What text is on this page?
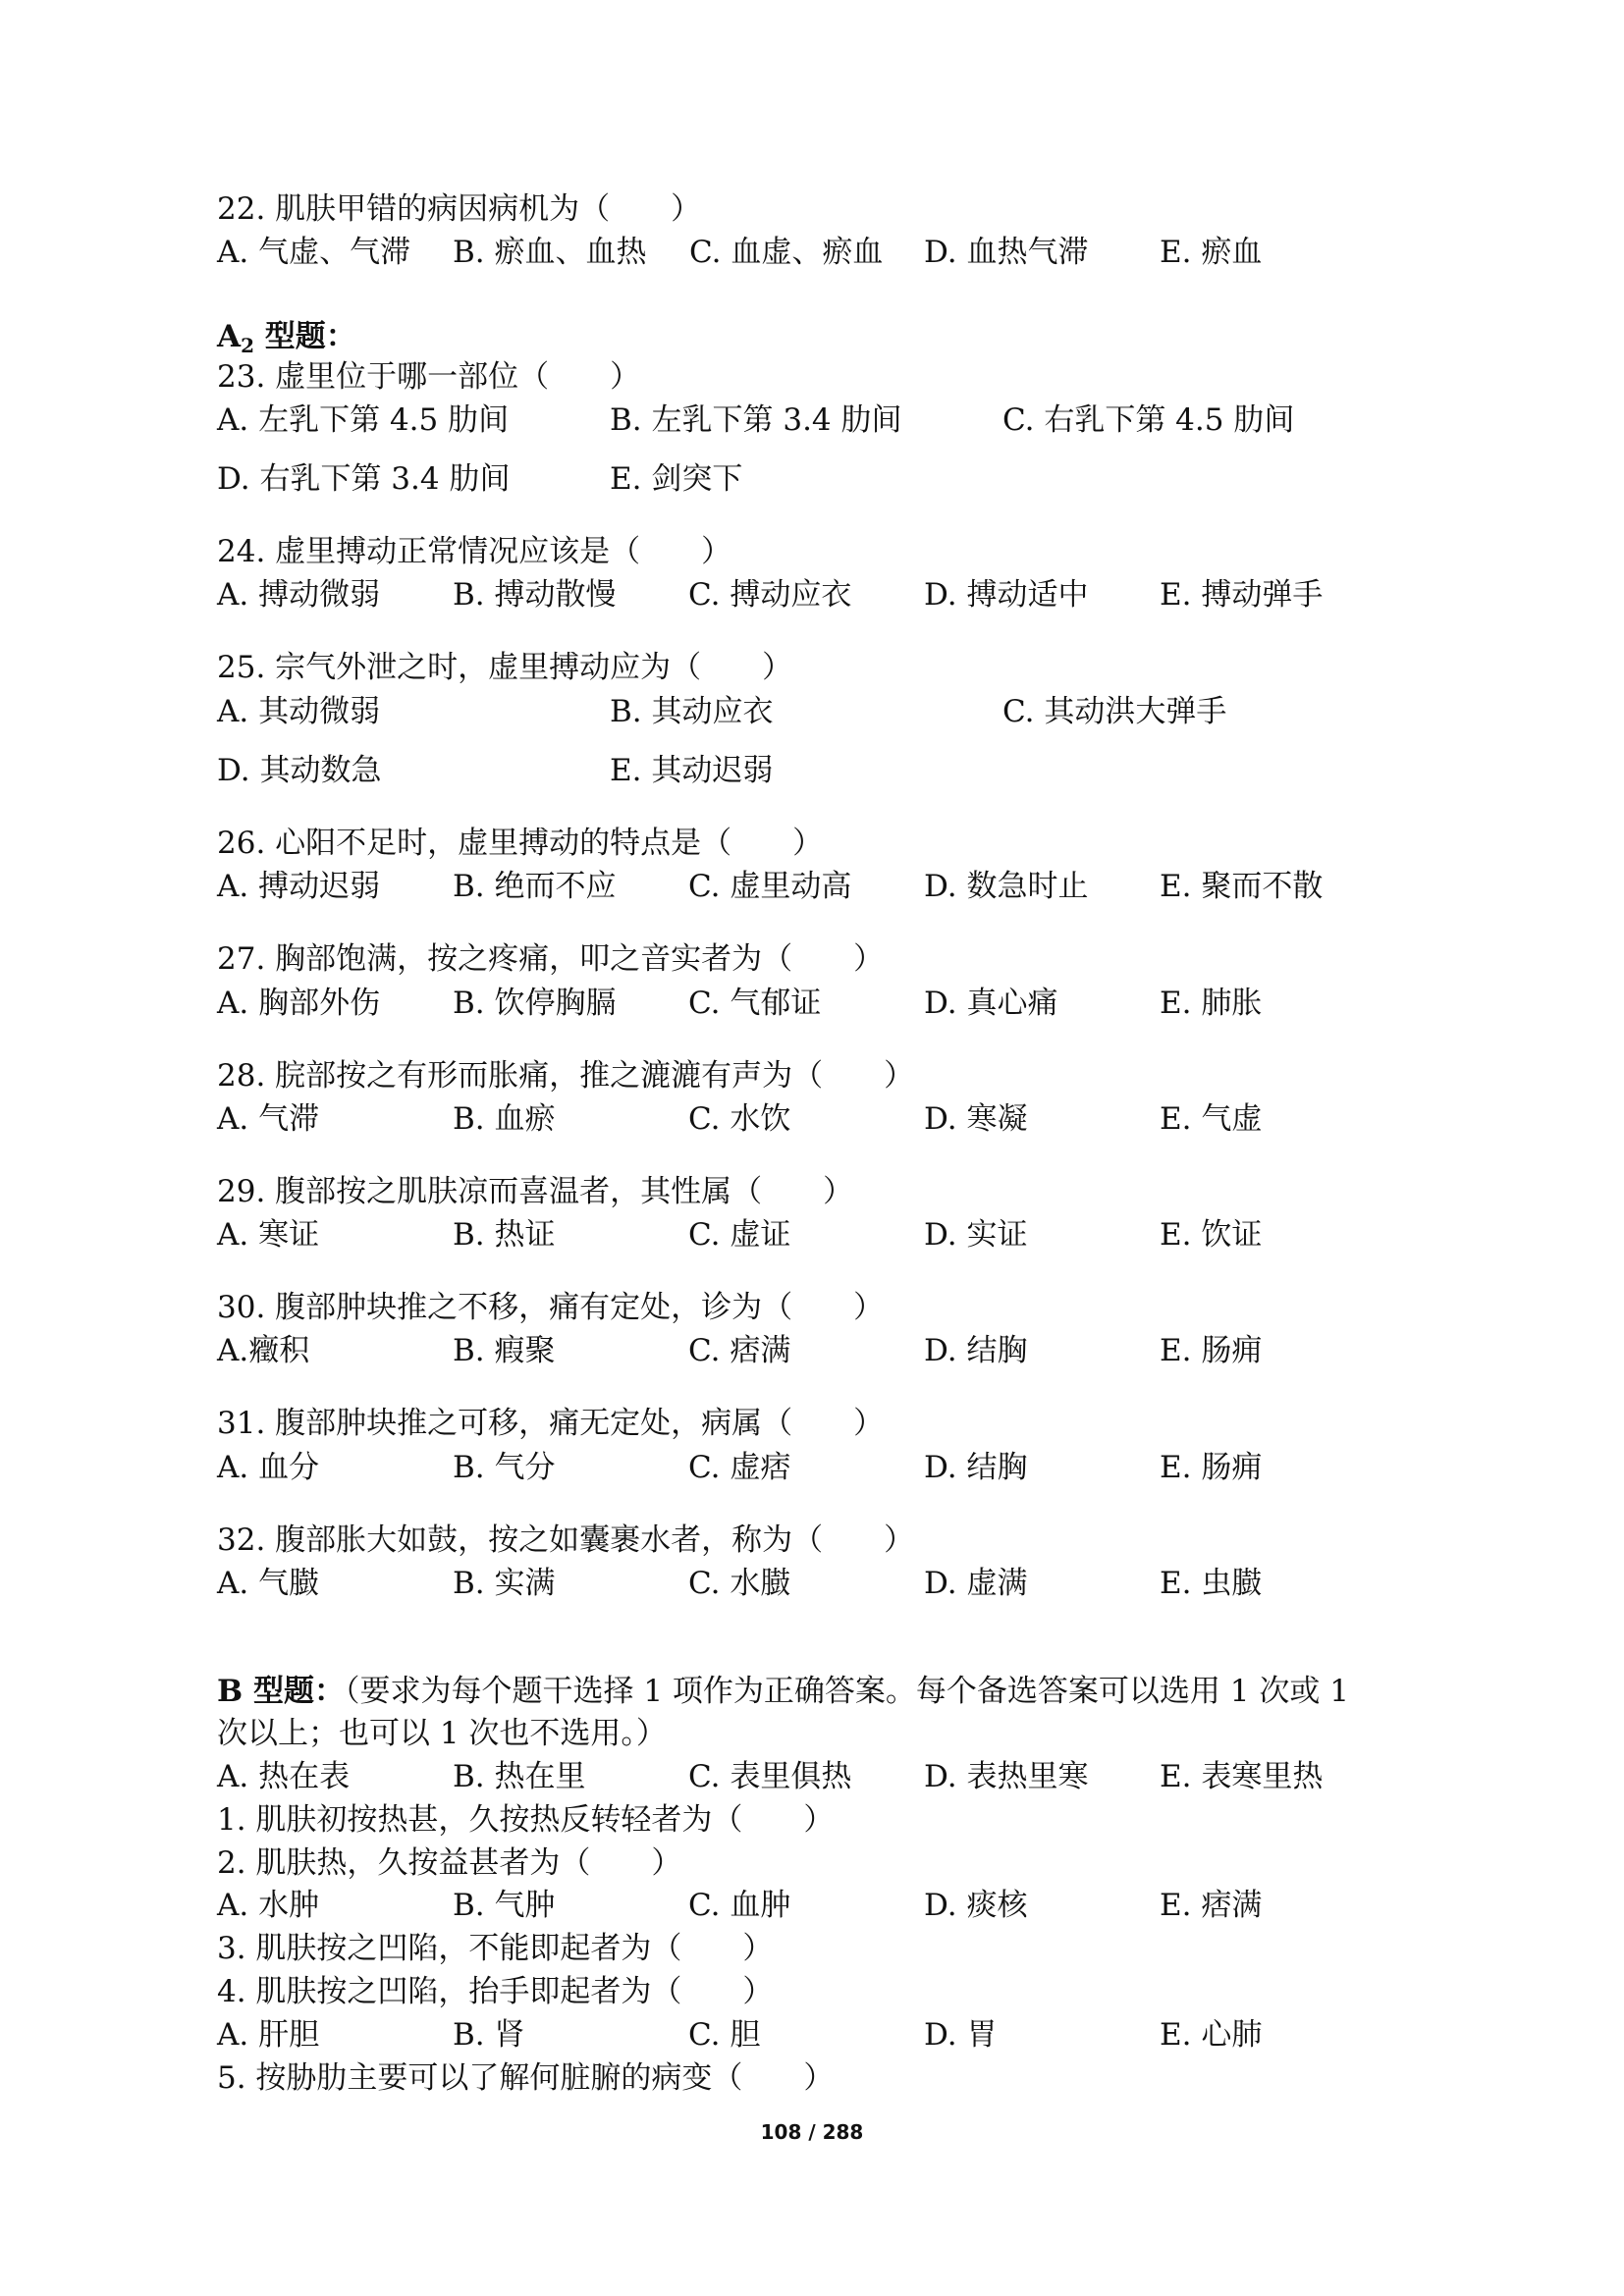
22. 肌肤甲错的病因病机为（　　）
A. 气虚、气滞 B. 瘀血、血热 C. 血虚、瘀血 D. 血热气滞 E. 瘀血
$A_2$ 型题：
23. 虚里位于哪一部位（　　）
A. 左乳下第 4.5 肋间	B. 左乳下第 3.4 肋间	C. 右乳下第 4.5 肋间
D. 右乳下第 3.4 肋间	E. 剑突下
24. 虚里搏动正常情况应该是（　　）
A. 搏动微弱 B. 搏动散慢 C. 搏动应衣 D. 搏动适中 E. 搏动弹手
25. 宗气外泄之时，虚里搏动应为（　　）
A. 其动微弱	B. 其动应衣	C. 其动洪大弹手
D. 其动数急	E. 其动迟弱
26. 心阳不足时，虚里搏动的特点是（　　）
A. 搏动迟弱 B. 绝而不应 C. 虚里动高 D. 数急时止 E. 聚而不散
27. 胸部饱满，按之疼痛，叩之音实者为（　　）
A. 胸部外伤 B. 饮停胸膈 C. 气郁证	D. 真心痛	E. 肺胀
28. 脘部按之有形而胀痛，推之漉漉有声为（　　）
A. 气滞	B. 血瘀	C. 水饮	D. 寒凝	E. 气虚
29. 腹部按之肌肤凉而喜温者，其性属（　　）
A. 寒证	B. 热证	C. 虚证	D. 实证	E. 饮证
30. 腹部肿块推之不移，痛有定处，诊为（　　）
A.癥积	B. 瘕聚	C. 痞满	D. 结胸	E. 肠痈
31. 腹部肿块推之可移，痛无定处，病属（　　）
A. 血分	B. 气分	C. 虚痞	D. 结胸	E. 肠痈
32. 腹部胀大如鼓，按之如囊裹水者，称为（　　）
A. 气臌	B. 实满	C. 水臌	D. 虚满	E. 虫臌
B 型题：（要求为每个题干选择 1 项作为正确答案。每个备选答案可以选用 1 次或 1
次以上；也可以 1 次也不选用。）
A. 热在表	B. 热在里	C. 表里俱热 D. 表热里寒 E. 表寒里热
1. 肌肤初按热甚，久按热反转轻者为（　　）
2. 肌肤热，久按益甚者为（　　）
A. 水肿	B. 气肿	C. 血肿	D. 痰核	E. 痞满
3. 肌肤按之凹陷，不能即起者为（　　）
4. 肌肤按之凹陷，抬手即起者为（　　）
A. 肝胆	B. 肾	C. 胆	D. 胃	E. 心肺
5. 按胁肋主要可以了解何脏腑的病变（　　）
108 / 288
